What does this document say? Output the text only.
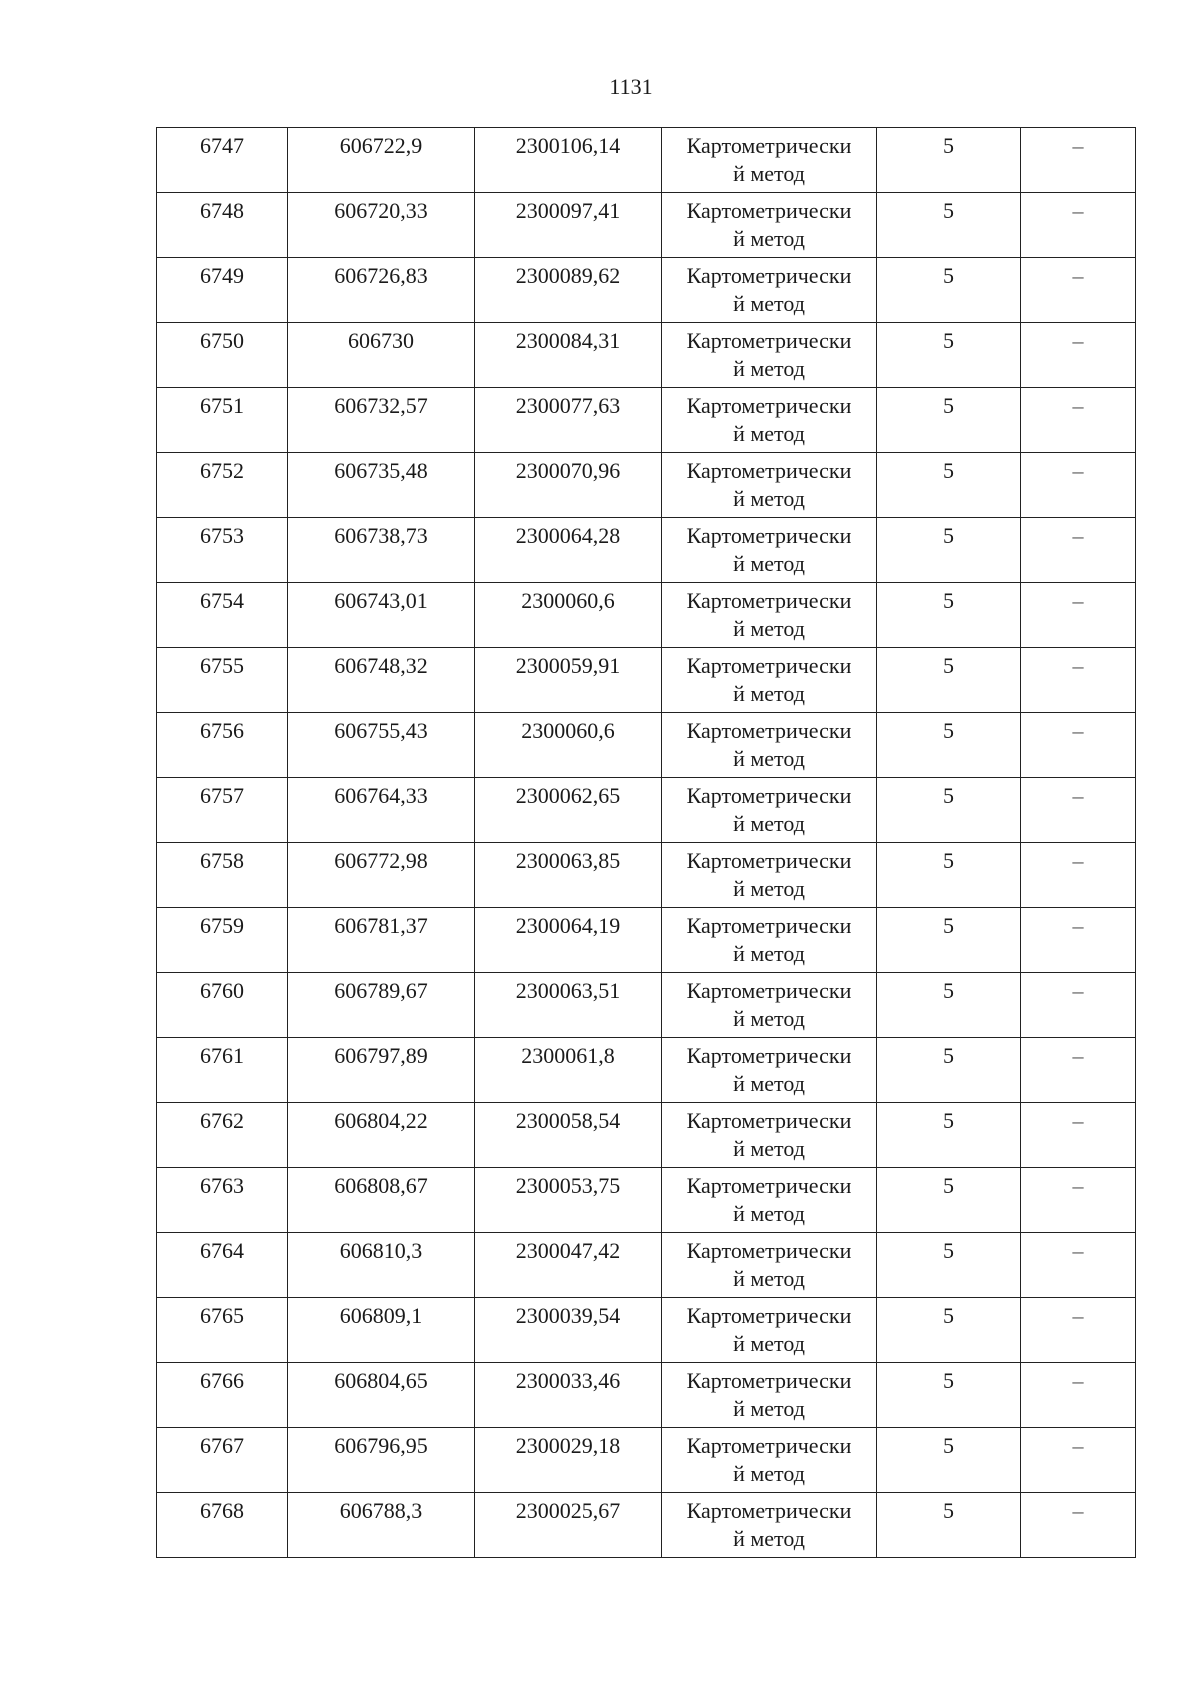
1131
6747	606722,9	2300106,14	Картометрически
й метод	5	–

6748	606720,33	2300097,41	Картометрически
й метод	5	–

6749	606726,83	2300089,62	Картометрически
й метод	5	–

6750	606730	2300084,31	Картометрически
й метод	5	–

6751	606732,57	2300077,63	Картометрически
й метод	5	–

6752	606735,48	2300070,96	Картометрически
й метод	5	–

6753	606738,73	2300064,28	Картометрически
й метод	5	–

6754	606743,01	2300060,6	Картометрически
й метод	5	–

6755	606748,32	2300059,91	Картометрически
й метод	5	–

6756	606755,43	2300060,6	Картометрически
й метод	5	–

6757	606764,33	2300062,65	Картометрически
й метод	5	–

6758	606772,98	2300063,85	Картометрически
й метод	5	–

6759	606781,37	2300064,19	Картометрически
й метод	5	–

6760	606789,67	2300063,51	Картометрически
й метод	5	–

6761	606797,89	2300061,8	Картометрически
й метод	5	–

6762	606804,22	2300058,54	Картометрически
й метод	5	–

6763	606808,67	2300053,75	Картометрически
й метод	5	–

6764	606810,3	2300047,42	Картометрически
й метод	5	–

6765	606809,1	2300039,54	Картометрически
й метод	5	–

6766	606804,65	2300033,46	Картометрически
й метод	5	–

6767	606796,95	2300029,18	Картометрически
й метод	5	–

6768	606788,3	2300025,67	Картометрически
й метод	5	–
